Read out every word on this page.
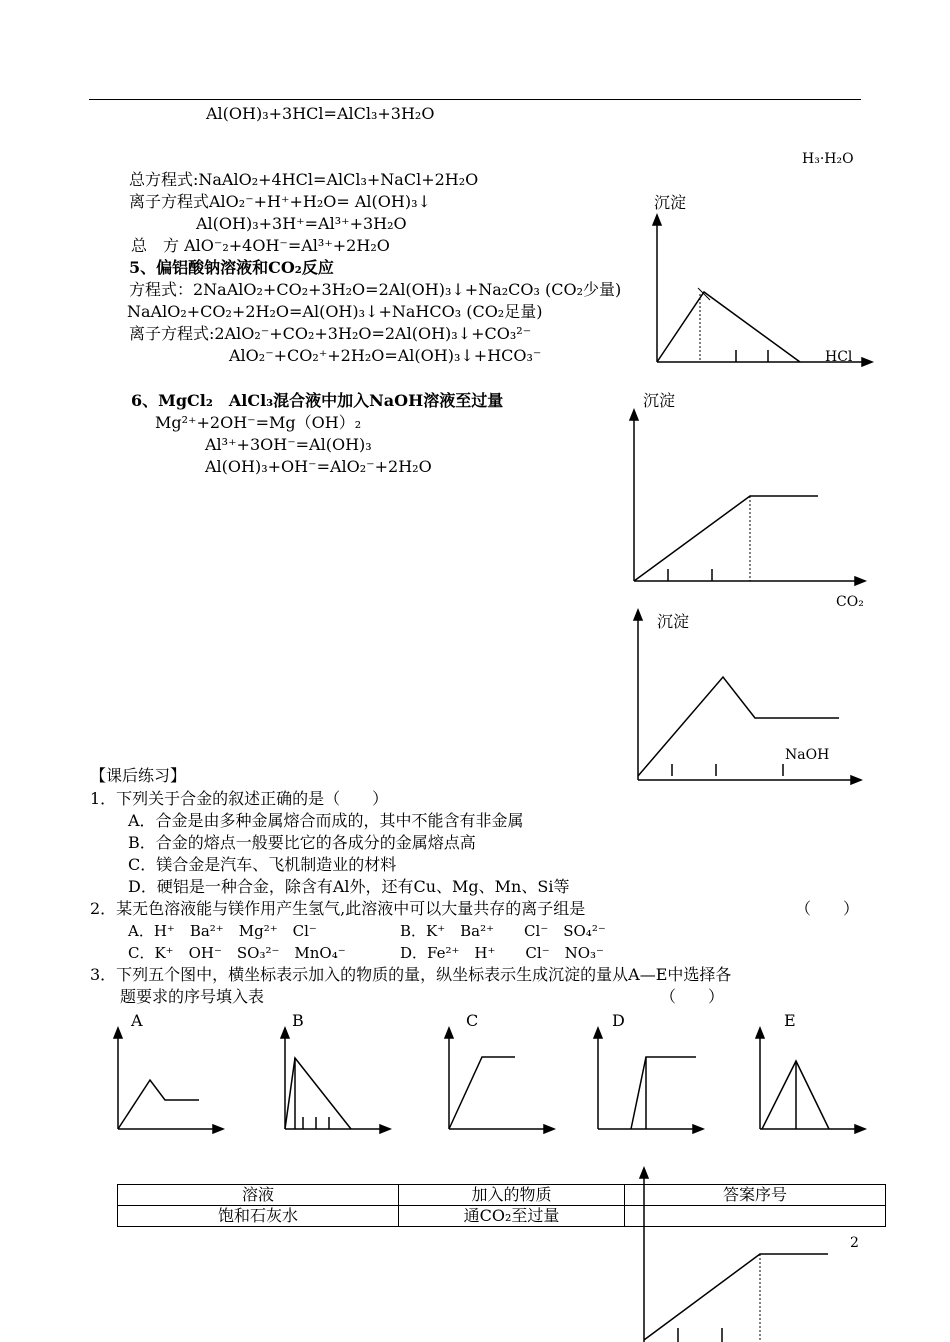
Al(OH)₃+3HCl=AlCl₃+3H₂O
H₃·H₂O
总方程式:NaAlO₂+4HCl=AlCl₃+NaCl+2H₂O
离子方程式AlO₂⁻+H⁺+H₂O= Al(OH)₃↓
Al(OH)₃+3H⁺=Al³⁺+3H₂O
总　方 AlO⁻₂+4OH⁻=Al³⁺+2H₂O
5、偏铝酸钠溶液和CO₂反应
方程式：2NaAlO₂+CO₂+3H₂O=2Al(OH)₃↓+Na₂CO₃ (CO₂少量)
NaAlO₂+CO₂+2H₂O=Al(OH)₃↓+NaHCO₃ (CO₂足量)
离子方程式:2AlO₂⁻+CO₂+3H₂O=2Al(OH)₃↓+CO₃²⁻
AlO₂⁻+CO₂⁺+2H₂O=Al(OH)₃↓+HCO₃⁻
6、MgCl₂　AlCl₃混合液中加入NaOH溶液至过量
Mg²⁺+2OH⁻=Mg（OH）₂
Al³⁺+3OH⁻=Al(OH)₃
Al(OH)₃+OH⁻=AlO₂⁻+2H₂O
沉淀
HCl
沉淀
CO₂
沉淀
NaOH
【课后练习】
1．下列关于合金的叙述正确的是（　　）
A．合金是由多种金属熔合而成的，其中不能含有非金属
B．合金的熔点一般要比它的各成分的金属熔点高
C．镁合金是汽车、飞机制造业的材料
D．硬铝是一种合金，除含有Al外，还有Cu、Mg、Mn、Si等
2．某无色溶液能与镁作用产生氢气,此溶液中可以大量共存的离子组是	（　　）
A．H⁺　Ba²⁺　Mg²⁺　Cl⁻	B．K⁺　Ba²⁺　　Cl⁻　SO₄²⁻
C．K⁺　OH⁻　SO₃²⁻　MnO₄⁻	D．Fe²⁺　H⁺　　Cl⁻　NO₃⁻
3．下列五个图中，横坐标表示加入的物质的量，纵坐标表示生成沉淀的量从A—E中选择各
题要求的序号填入表	（　　）
A	B	C	D	E
溶液	加入的物质	答案序号
饱和石灰水	通CO₂至过量	
2
